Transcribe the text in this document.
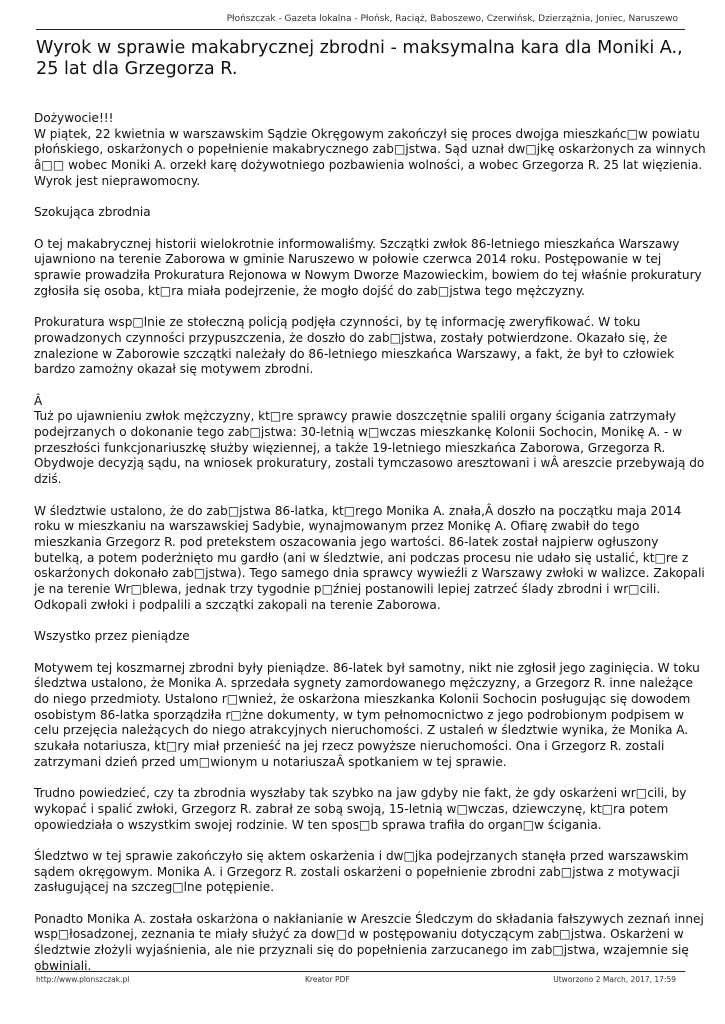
Płońszczak - Gazeta lokalna - Płońsk, Raciąż, Baboszewo, Czerwińsk, Dzierzążnia, Joniec, Naruszewo
Wyrok w sprawie makabrycznej zbrodni - maksymalna kara dla Moniki A., 25 lat dla Grzegorza R.

Dożywocie!!!
W piątek, 22 kwietnia w warszawskim Sądzie Okręgowym zakończył się proces dwojga mieszkańc□w powiatu płońskiego, oskarżonych o popełnienie makabrycznego zab□jstwa. Sąd uznał dw□jkę oskarżonych za winnych â□□ wobec Moniki A. orzekł karę dożywotniego pozbawienia wolności, a wobec Grzegorza R. 25 lat więzienia. Wyrok jest nieprawomocny.

Szokująca zbrodnia

O tej makabrycznej historii wielokrotnie informowaliśmy. Szczątki zwłok 86-letniego mieszkańca Warszawy ujawniono na terenie Zaborowa w gminie Naruszewo w połowie czerwca 2014 roku. Postępowanie w tej sprawie prowadziła Prokuratura Rejonowa w Nowym Dworze Mazowieckim, bowiem do tej właśnie prokuratury zgłosiła się osoba, kt□ra miała podejrzenie, że mogło dojść do zab□jstwa tego mężczyzny.

Prokuratura wsp□lnie ze stołeczną policją podjęła czynności, by tę informację zweryfikować. W toku prowadzonych czynności przypuszczenia, że doszło do zab□jstwa, zostały potwierdzone. Okazało się, że znalezione w Zaborowie szczątki należały do 86-letniego mieszkańca Warszawy, a fakt, że był to człowiek bardzo zamożny okazał się motywem zbrodni.

Â
Tuż po ujawnieniu zwłok mężczyzny, kt□re sprawcy prawie doszczętnie spalili organy ścigania zatrzymały podejrzanych o dokonanie tego zab□jstwa: 30-letnią w□wczas mieszkankę Kolonii Sochocin, Monikę A. - w przeszłości funkcjonariuszkę służby więziennej, a także 19-letniego mieszkańca Zaborowa, Grzegorza R. Obydwoje decyzją sądu, na wniosek prokuratury, zostali tymczasowo aresztowani i wÂ areszcie przebywają do dziś.

W śledztwie ustalono, że do zab□jstwa 86-latka, kt□rego Monika A. znała,Â doszło na początku maja 2014 roku w mieszkaniu na warszawskiej Sadybie, wynajmowanym przez Monikę A. Ofiarę zwabił do tego mieszkania Grzegorz R. pod pretekstem oszacowania jego wartości. 86-latek został najpierw ogłuszony butelką, a potem poderżnięto mu gardło (ani w śledztwie, ani podczas procesu nie udało się ustalić, kt□re z oskarżonych dokonało zab□jstwa). Tego samego dnia sprawcy wywieźli z Warszawy zwłoki w walizce. Zakopali je na terenie Wr□blewa, jednak trzy tygodnie p□źniej postanowili lepiej zatrzeć ślady zbrodni i wr□cili. Odkopali zwłoki i podpalili a szczątki zakopali na terenie Zaborowa.

Wszystko przez pieniądze

Motywem tej koszmarnej zbrodni były pieniądze. 86-latek był samotny, nikt nie zgłosił jego zaginięcia. W toku śledztwa ustalono, że Monika A. sprzedała sygnety zamordowanego mężczyzny, a Grzegorz R. inne należące do niego przedmioty. Ustalono r□wnież, że oskarżona mieszkanka Kolonii Sochocin posługując się dowodem osobistym 86-latka sporządziła r□żne dokumenty, w tym pełnomocnictwo z jego podrobionym podpisem w celu przejęcia należących do niego atrakcyjnych nieruchomości. Z ustaleń w śledztwie wynika, że Monika A. szukała notariusza, kt□ry miał przenieść na jej rzecz powyższe nieruchomości. Ona i Grzegorz R. zostali zatrzymani dzień przed um□wionym u notariuszaÂ spotkaniem w tej sprawie.

Trudno powiedzieć, czy ta zbrodnia wyszłaby tak szybko na jaw gdyby nie fakt, że gdy oskarżeni wr□cili, by wykopać i spalić zwłoki, Grzegorz R. zabrał ze sobą swoją, 15-letnią w□wczas, dziewczynę, kt□ra potem opowiedziała o wszystkim swojej rodzinie. W ten spos□b sprawa trafiła do organ□w ścigania.

Śledztwo w tej sprawie zakończyło się aktem oskarżenia i dw□jka podejrzanych stanęła przed warszawskim sądem okręgowym. Monika A. i Grzegorz R. zostali oskarżeni o popełnienie zbrodni zab□jstwa z motywacji zasługującej na szczeg□lne potępienie.

Ponadto Monika A. została oskarżona o nakłanianie w Areszcie Śledczym do składania fałszywych zeznań innej wsp□łosadzonej, zeznania te miały służyć za dow□d w postępowaniu dotyczącym zab□jstwa. Oskarżeni w śledztwie złożyli wyjaśnienia, ale nie przyznali się do popełnienia zarzucanego im zab□jstwa, wzajemnie się obwiniali.

http://www.plonszczak.pl	Kreator PDF	Utworzono 2 March, 2017, 17:59
